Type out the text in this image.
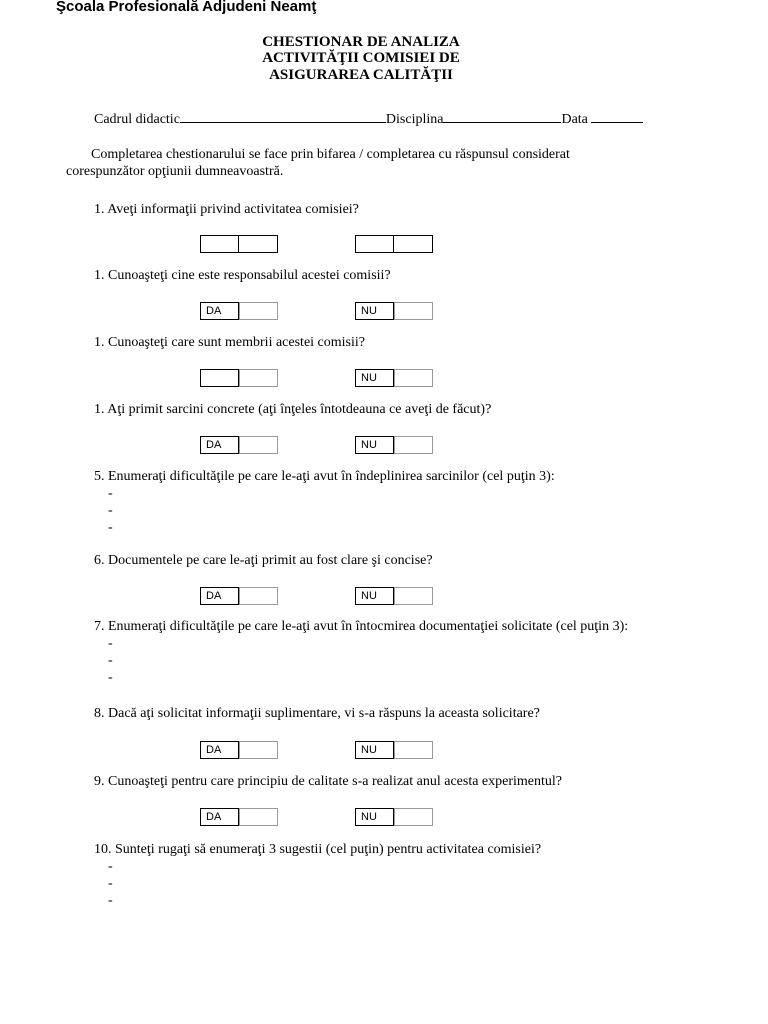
Şcoala Profesională Adjudeni Neamţ
CHESTIONAR DE ANALIZA
ACTIVITĂŢII COMISIEI DE
ASIGURAREA CALITĂŢII
Cadrul didactic	Disciplina	Data
Completarea chestionarului se face prin bifarea / completarea cu răspunsul considerat
corespunzător opţiunii dumneavoastră.
1. Aveţi informaţii privind activitatea comisiei?
1. Cunoaşteţi cine este responsabilul acestei comisii?
DA	NU
1. Cunoaşteţi care sunt membrii acestei comisii?
NU
1. Aţi primit sarcini concrete (aţi înţeles întotdeauna ce aveţi de făcut)?
DA	NU
5. Enumeraţi dificultăţile pe care le-aţi avut în îndeplinirea sarcinilor (cel puţin 3):
-
-
-
6. Documentele pe care le-aţi primit au fost clare şi concise?
DA	NU
7. Enumeraţi dificultăţile pe care le-aţi avut în întocmirea documentaţiei solicitate (cel puţin 3):
-
-
-
8. Dacă aţi solicitat informaţii suplimentare, vi s-a răspuns la aceasta solicitare?
DA	NU
9. Cunoaşteţi pentru care principiu de calitate s-a realizat anul acesta experimentul?
DA	NU
10. Sunteţi rugaţi să enumeraţi 3 sugestii (cel puţin) pentru activitatea comisiei?
-
-
-
